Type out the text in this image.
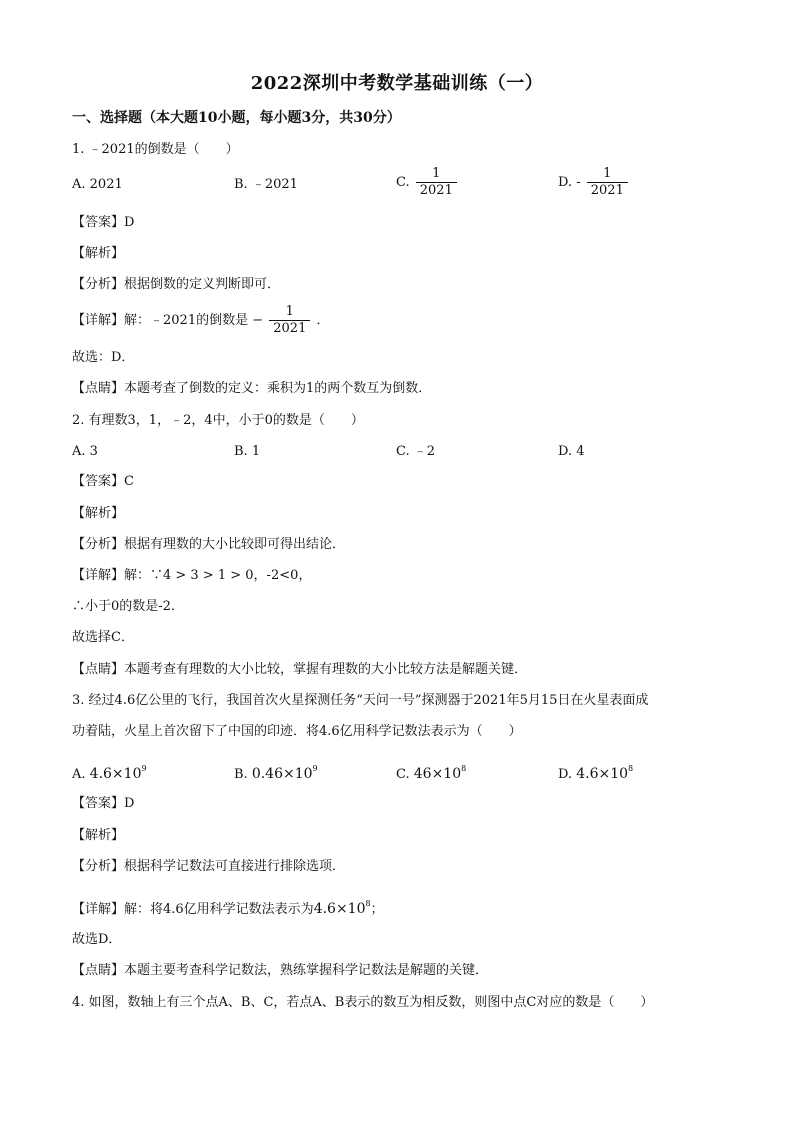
2022深圳中考数学基础训练（一）
一、选择题（本大题10小题，每小题3分，共30分）
1. ﹣2021的倒数是（　　）
A. 2021	B. ﹣2021	C. $\frac{1}{2021}$	D. - $\frac{1}{2021}$
【答案】D
【解析】
【分析】根据倒数的定义判断即可．
【详解】解：﹣2021的倒数是 − $\frac{1}{2021}$ ．
故选：D．
【点睛】本题考查了倒数的定义：乘积为1的两个数互为倒数．
2. 有理数3，1，﹣2，4中，小于0的数是（　　）
A. 3	B. 1	C. ﹣2	D. 4
【答案】C
【解析】
【分析】根据有理数的大小比较即可得出结论．
【详解】解：∵4 > 3 > 1 > 0，-2<0，
∴小于0的数是-2．
故选择C．
【点睛】本题考查有理数的大小比较，掌握有理数的大小比较方法是解题关键．
3. 经过4.6亿公里的飞行，我国首次火星探测任务“天问一号”探测器于2021年5月15日在火星表面成
功着陆，火星上首次留下了中国的印迹．将4.6亿用科学记数法表示为（　　）
A. $4.6\times 10^9$	B. $0.46\times 10^9$	C. $46\times 10^8$	D. $4.6\times 10^8$
【答案】D
【解析】
【分析】根据科学记数法可直接进行排除选项．
【详解】解：将4.6亿用科学记数法表示为$4.6\times 10^8$；
故选D．
【点睛】本题主要考查科学记数法，熟练掌握科学记数法是解题的关键．
4. 如图，数轴上有三个点A、B、C，若点A、B表示的数互为相反数，则图中点C对应的数是（　　）
